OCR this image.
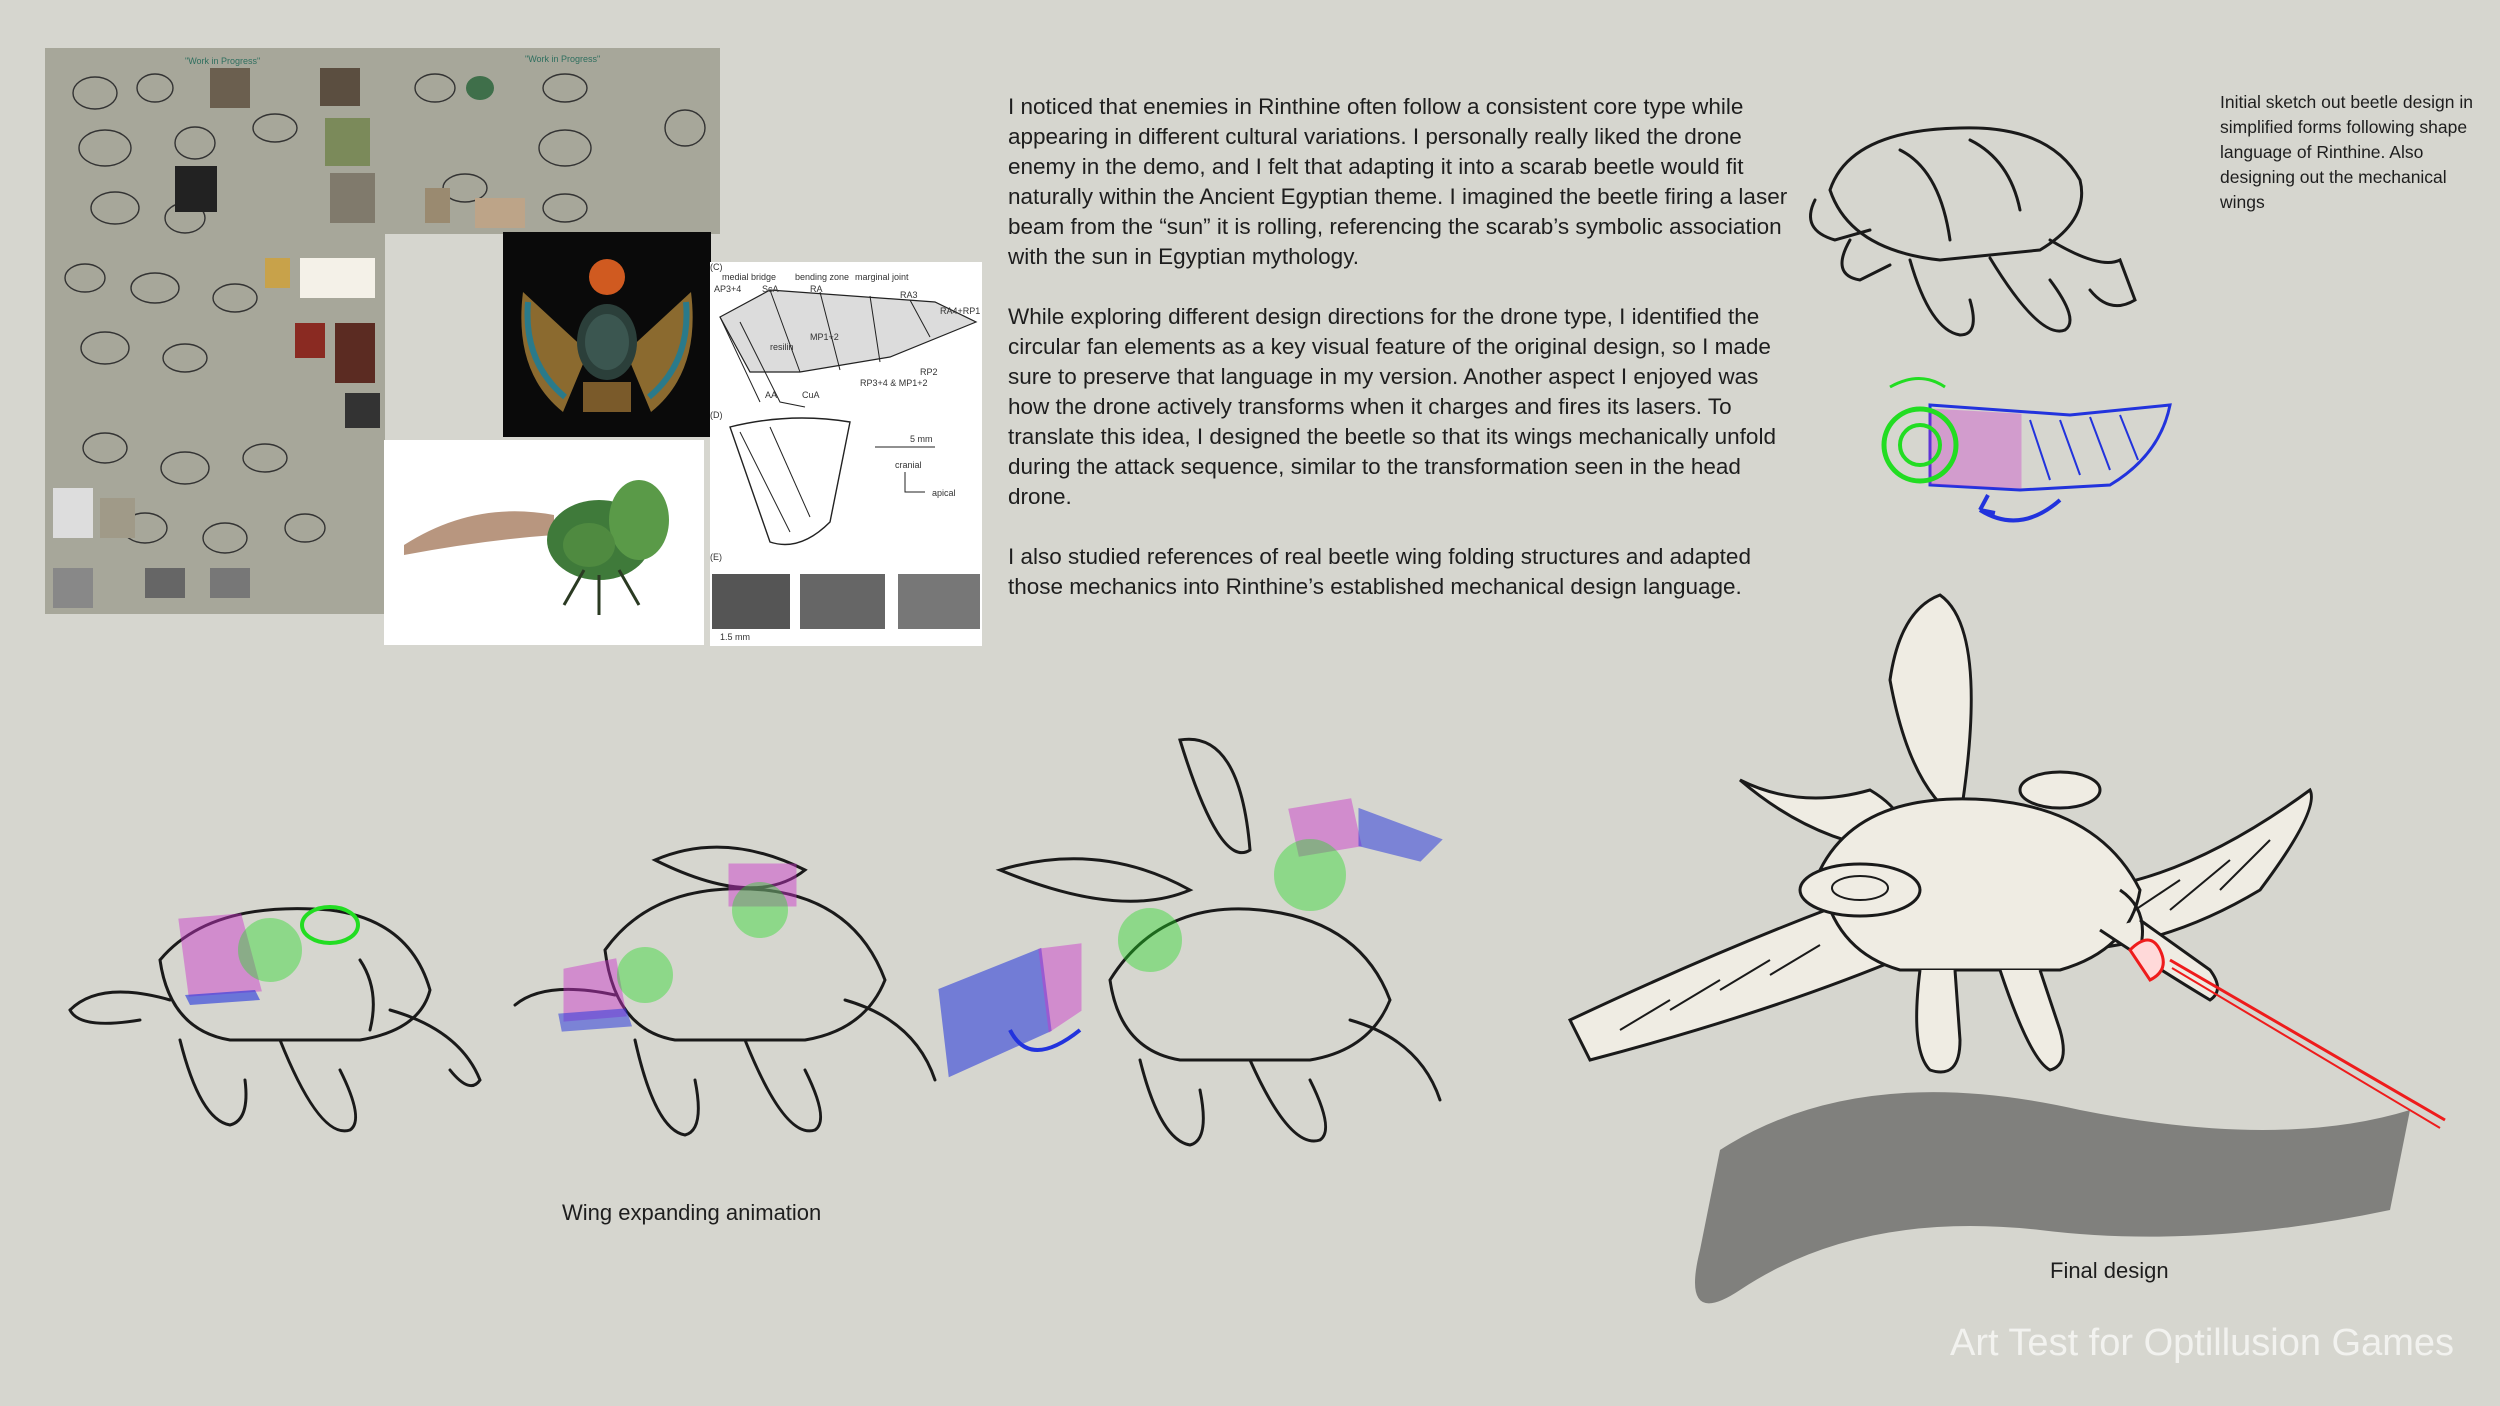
"Work in Progress"	"Work in Progress"
(C)
medial bridge bending zone marginal joint
RA3
RA4+RP1
AP3+4 ScA	RA
resilin
MP1+2
RP2
RP3+4 & MP1+2
AA	CuA
(D)
5 mm
cranial
apical
(E)
1.5 mm

I noticed that enemies in Rinthine often follow a consistent core type while appearing in different cultural variations. I personally really liked the drone enemy in the demo, and I felt that adapting it into a scarab beetle would fit naturally within the Ancient Egyptian theme. I imagined the beetle firing a laser beam from the “sun” it is rolling, referencing the scarab’s symbolic association with the sun in Egyptian mythology.

While exploring different design directions for the drone type, I identified the circular fan elements as a key visual feature of the original design, so I made sure to preserve that language in my version. Another aspect I enjoyed was how the drone actively transforms when it charges and fires its lasers. To translate this idea, I designed the beetle so that its wings mechanically unfold during the attack sequence, similar to the transformation seen in the head drone.

I also studied references of real beetle wing folding structures and adapted those mechanics into Rinthine’s established mechanical design language.

Initial sketch out beetle design in simplified forms following shape language of Rinthine. Also designing out the mechanical wings

Wing expanding animation
Final design
Art Test for Optillusion Games
